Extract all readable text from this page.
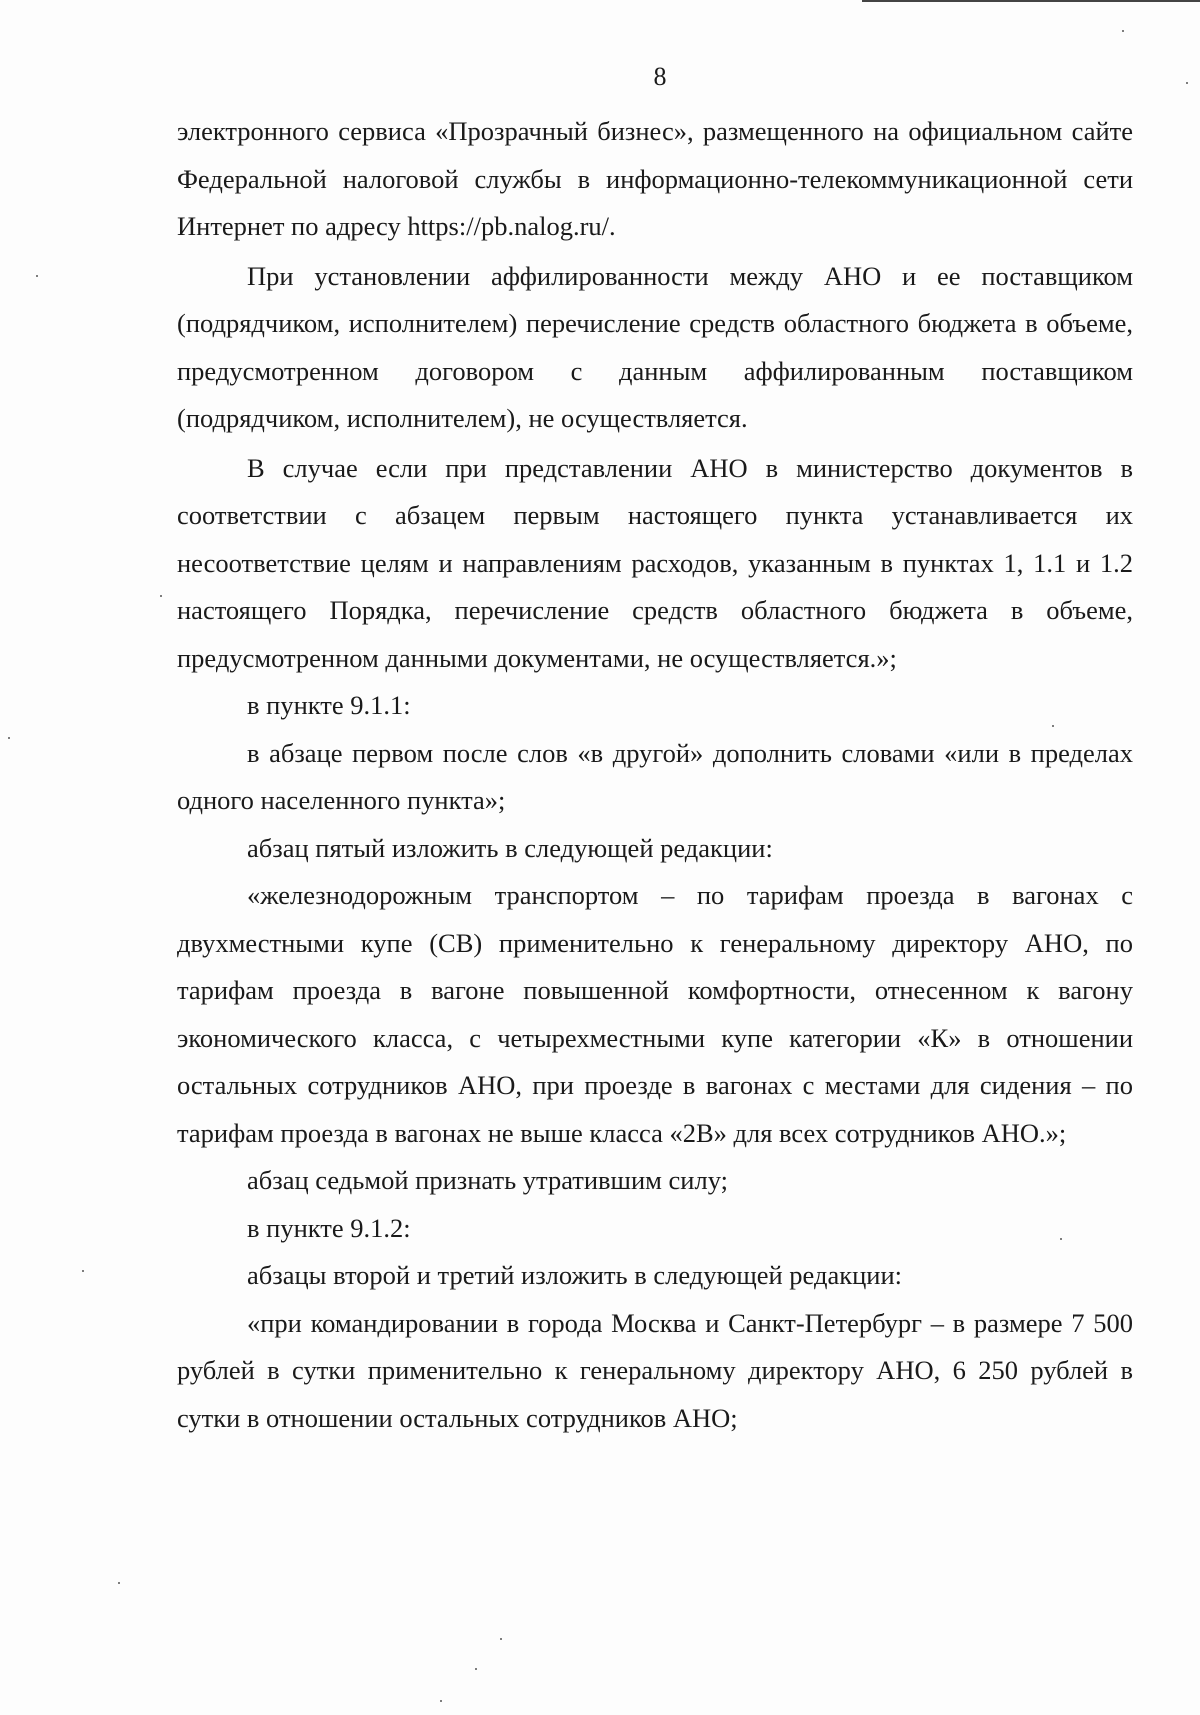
8

электронного сервиса «Прозрачный бизнес», размещенного на официальном сайте Федеральной налоговой службы в информационно-телекоммуникационной сети Интернет по адресу https://pb.nalog.ru/.

При установлении аффилированности между АНО и ее поставщиком (подрядчиком, исполнителем) перечисление средств областного бюджета в объеме, предусмотренном договором с данным аффилированным поставщиком (подрядчиком, исполнителем), не осуществляется.

В случае если при представлении АНО в министерство документов в соответствии с абзацем первым настоящего пункта устанавливается их несоответствие целям и направлениям расходов, указанным в пунктах 1, 1.1 и 1.2 настоящего Порядка, перечисление средств областного бюджета в объеме, предусмотренном данными документами, не осуществляется.»;

в пункте 9.1.1:

в абзаце первом после слов «в другой» дополнить словами «или в пределах одного населенного пункта»;

абзац пятый изложить в следующей редакции:

«железнодорожным транспортом – по тарифам проезда в вагонах с двухместными купе (СВ) применительно к генеральному директору АНО, по тарифам проезда в вагоне повышенной комфортности, отнесенном к вагону экономического класса, с четырехместными купе категории «К» в отношении остальных сотрудников АНО, при проезде в вагонах с местами для сидения – по тарифам проезда в вагонах не выше класса «2В» для всех сотрудников АНО.»;

абзац седьмой признать утратившим силу;

в пункте 9.1.2:

абзацы второй и третий изложить в следующей редакции:

«при командировании в города Москва и Санкт-Петербург – в размере 7 500 рублей в сутки применительно к генеральному директору АНО, 6 250 рублей в сутки в отношении остальных сотрудников АНО;
